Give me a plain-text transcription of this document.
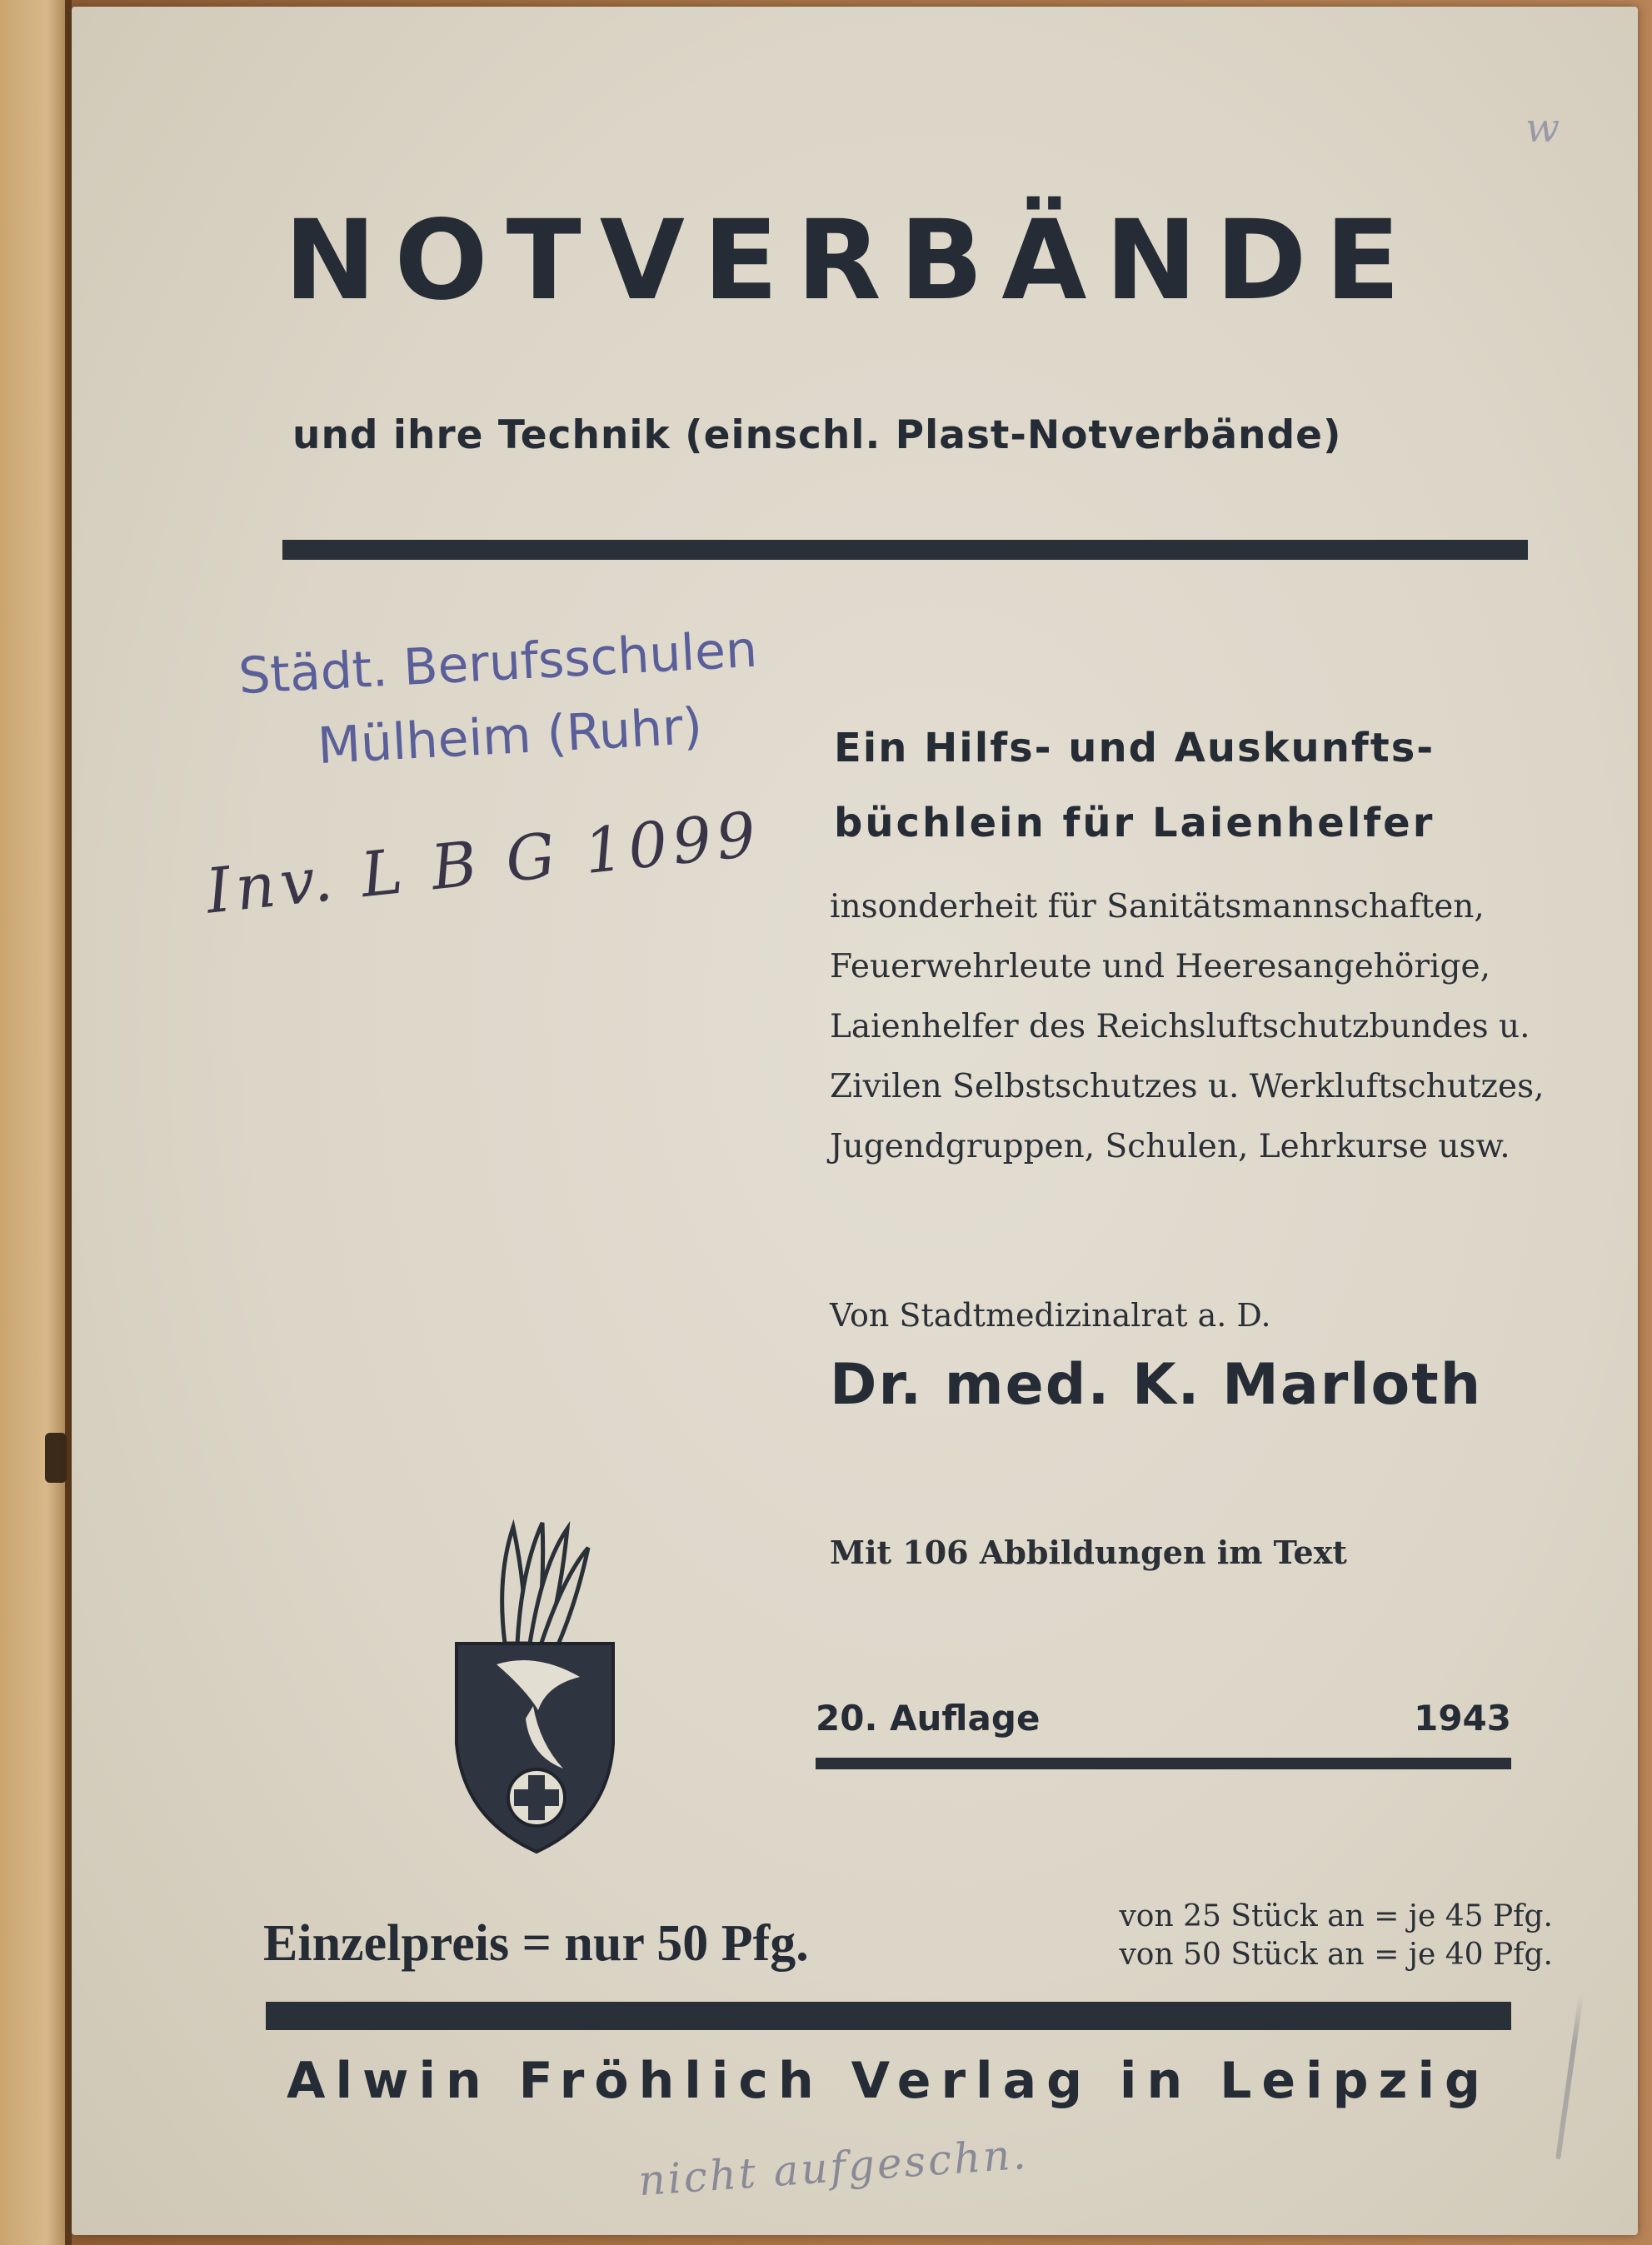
w
NOTVERBÄNDE
und ihre Technik (einschl. Plast-Notverbände)
Städt. Berufsschulen
Mülheim (Ruhr)
Inv. L B G 1099
Ein Hilfs- und Auskunfts-
büchlein für Laienhelfer
insonderheit für Sanitätsmannschaften,
Feuerwehrleute und Heeresangehörige,
Laienhelfer des Reichsluftschutzbundes u.
Zivilen Selbstschutzes u. Werkluftschutzes,
Jugendgruppen, Schulen, Lehrkurse usw.
Von Stadtmedizinalrat a. D.
Dr. med. K. Marloth
Mit 106 Abbildungen im Text
20. Auflage	1943
Einzelpreis = nur 50 Pfg.	von 25 Stück an = je 45 Pfg.
von 50 Stück an = je 40 Pfg.
Alwin Fröhlich Verlag in Leipzig
nicht aufgeschn.
